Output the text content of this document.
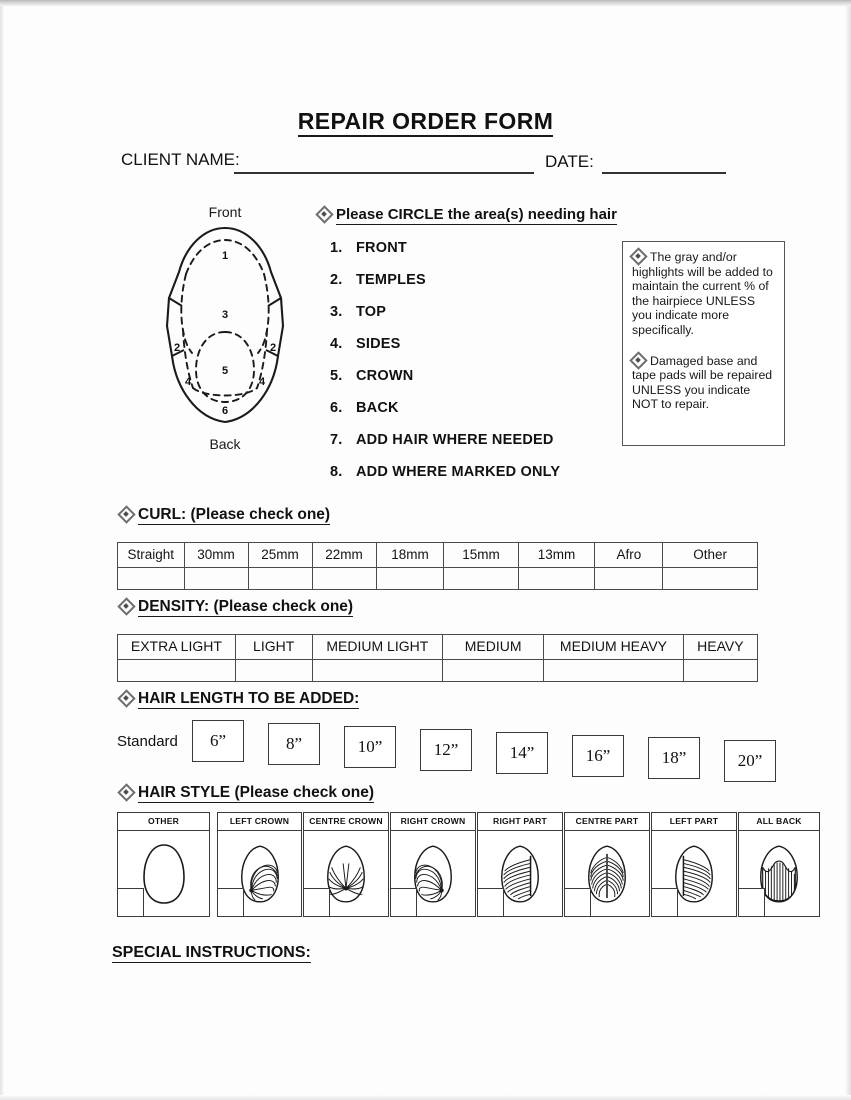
REPAIR ORDER FORM
CLIENT NAME:	DATE:
Front
1
2	2
3
4	4
5
6
Back
Please CIRCLE the area(s) needing hair
1. FRONT
2. TEMPLES
3. TOP
4. SIDES
5. CROWN
6. BACK
7. ADD HAIR WHERE NEEDED
8. ADD WHERE MARKED ONLY

The gray and/or highlights will be added to maintain the current % of the hairpiece UNLESS you indicate more specifically.

Damaged base and tape pads will be repaired UNLESS you indicate NOT to repair.

CURL: (Please check one)
Straight	30mm	25mm	22mm	18mm	15mm	13mm	Afro	Other

DENSITY: (Please check one)
EXTRA LIGHT	LIGHT	MEDIUM LIGHT	MEDIUM	MEDIUM HEAVY	HEAVY

HAIR LENGTH TO BE ADDED:
Standard	6”	8”	10”	12”	14”	16”	18”	20”
HAIR STYLE (Please check one)
OTHER	LEFT CROWN	CENTRE CROWN	RIGHT CROWN	RIGHT PART	CENTRE PART	LEFT PART	ALL BACK
SPECIAL INSTRUCTIONS:
